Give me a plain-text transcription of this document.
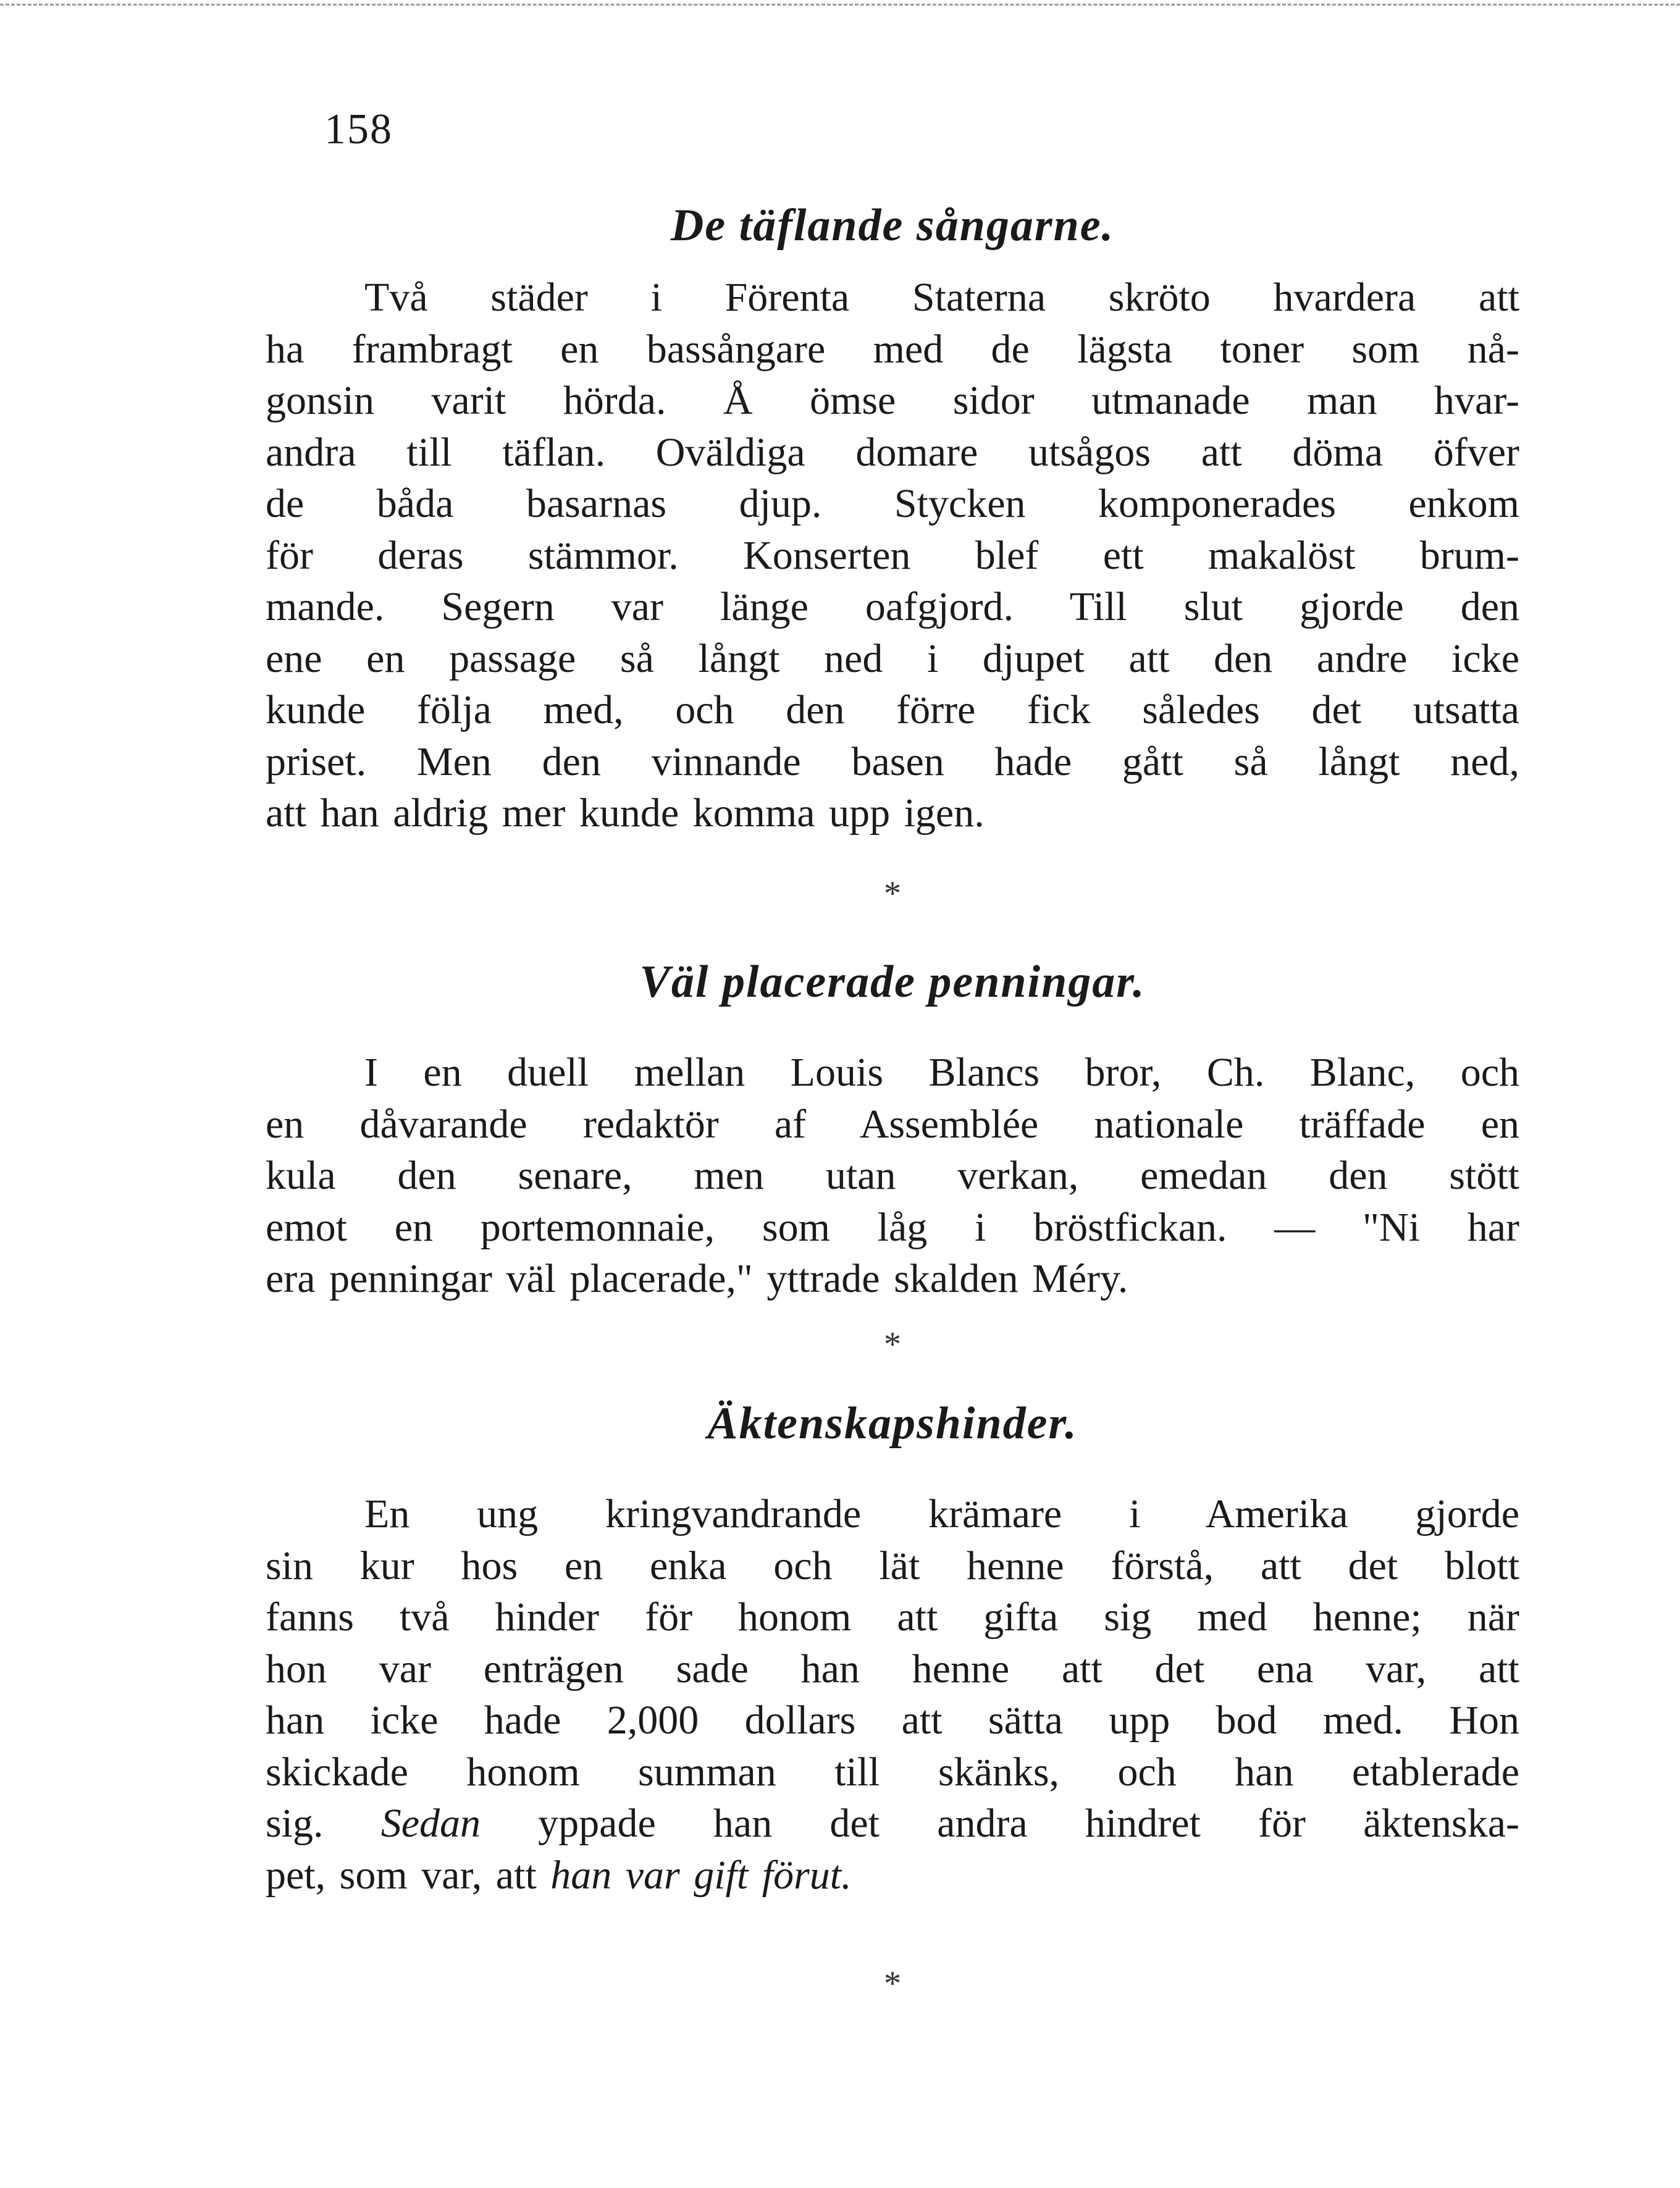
158
De täflande sångarne.
Två städer i Förenta Staterna skröto hvardera att
ha frambragt en bassångare med de lägsta toner som nå-
gonsin varit hörda. Å ömse sidor utmanade man hvar-
andra till täflan. Oväldiga domare utsågos att döma öfver
de båda basarnas djup. Stycken komponerades enkom
för deras stämmor. Konserten blef ett makalöst brum-
mande. Segern var länge oafgjord. Till slut gjorde den
ene en passage så långt ned i djupet att den andre icke
kunde följa med, och den förre fick således det utsatta
priset. Men den vinnande basen hade gått så långt ned,
att han aldrig mer kunde komma upp igen.
*
Väl placerade penningar.
I en duell mellan Louis Blancs bror, Ch. Blanc, och
en dåvarande redaktör af Assemblée nationale träffade en
kula den senare, men utan verkan, emedan den stött
emot en portemonnaie, som låg i bröstfickan. — "Ni har
era penningar väl placerade," yttrade skalden Méry.
*
Äktenskapshinder.
En ung kringvandrande krämare i Amerika gjorde
sin kur hos en enka och lät henne förstå, att det blott
fanns två hinder för honom att gifta sig med henne; när
hon var enträgen sade han henne att det ena var, att
han icke hade 2,000 dollars att sätta upp bod med. Hon
skickade honom summan till skänks, och han etablerade
sig. Sedan yppade han det andra hindret för äktenska-
pet, som var, att han var gift förut.
*
